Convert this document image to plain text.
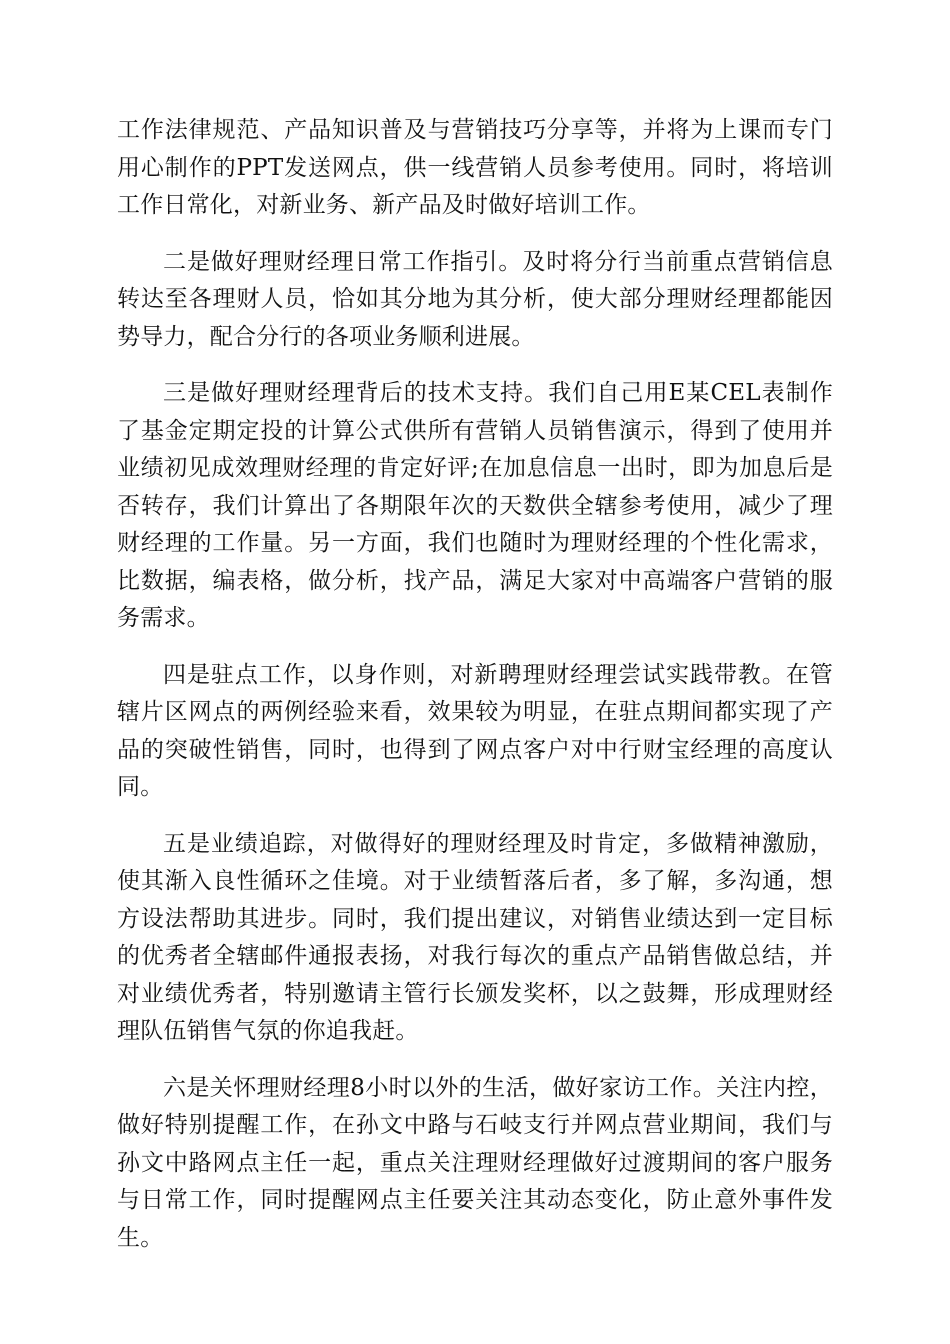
工作法律规范、产品知识普及与营销技巧分享等，并将为上课而专门用心制作的PPT发送网点，供一线营销人员参考使用。同时，将培训工作日常化，对新业务、新产品及时做好培训工作。

二是做好理财经理日常工作指引。及时将分行当前重点营销信息转达至各理财人员，恰如其分地为其分析，使大部分理财经理都能因势导力，配合分行的各项业务顺利进展。

三是做好理财经理背后的技术支持。我们自己用E某CEL表制作了基金定期定投的计算公式供所有营销人员销售演示，得到了使用并业绩初见成效理财经理的肯定好评;在加息信息一出时，即为加息后是否转存，我们计算出了各期限年次的天数供全辖参考使用，减少了理财经理的工作量。另一方面，我们也随时为理财经理的个性化需求，比数据，编表格，做分析，找产品，满足大家对中高端客户营销的服务需求。

四是驻点工作，以身作则，对新聘理财经理尝试实践带教。在管辖片区网点的两例经验来看，效果较为明显，在驻点期间都实现了产品的突破性销售，同时，也得到了网点客户对中行财宝经理的高度认同。

五是业绩追踪，对做得好的理财经理及时肯定，多做精神激励，使其渐入良性循环之佳境。对于业绩暂落后者，多了解，多沟通，想方设法帮助其进步。同时，我们提出建议，对销售业绩达到一定目标的优秀者全辖邮件通报表扬，对我行每次的重点产品销售做总结，并对业绩优秀者，特别邀请主管行长颁发奖杯，以之鼓舞，形成理财经理队伍销售气氛的你追我赶。

六是关怀理财经理8小时以外的生活，做好家访工作。关注内控，做好特别提醒工作，在孙文中路与石岐支行并网点营业期间，我们与孙文中路网点主任一起，重点关注理财经理做好过渡期间的客户服务与日常工作，同时提醒网点主任要关注其动态变化，防止意外事件发生。
